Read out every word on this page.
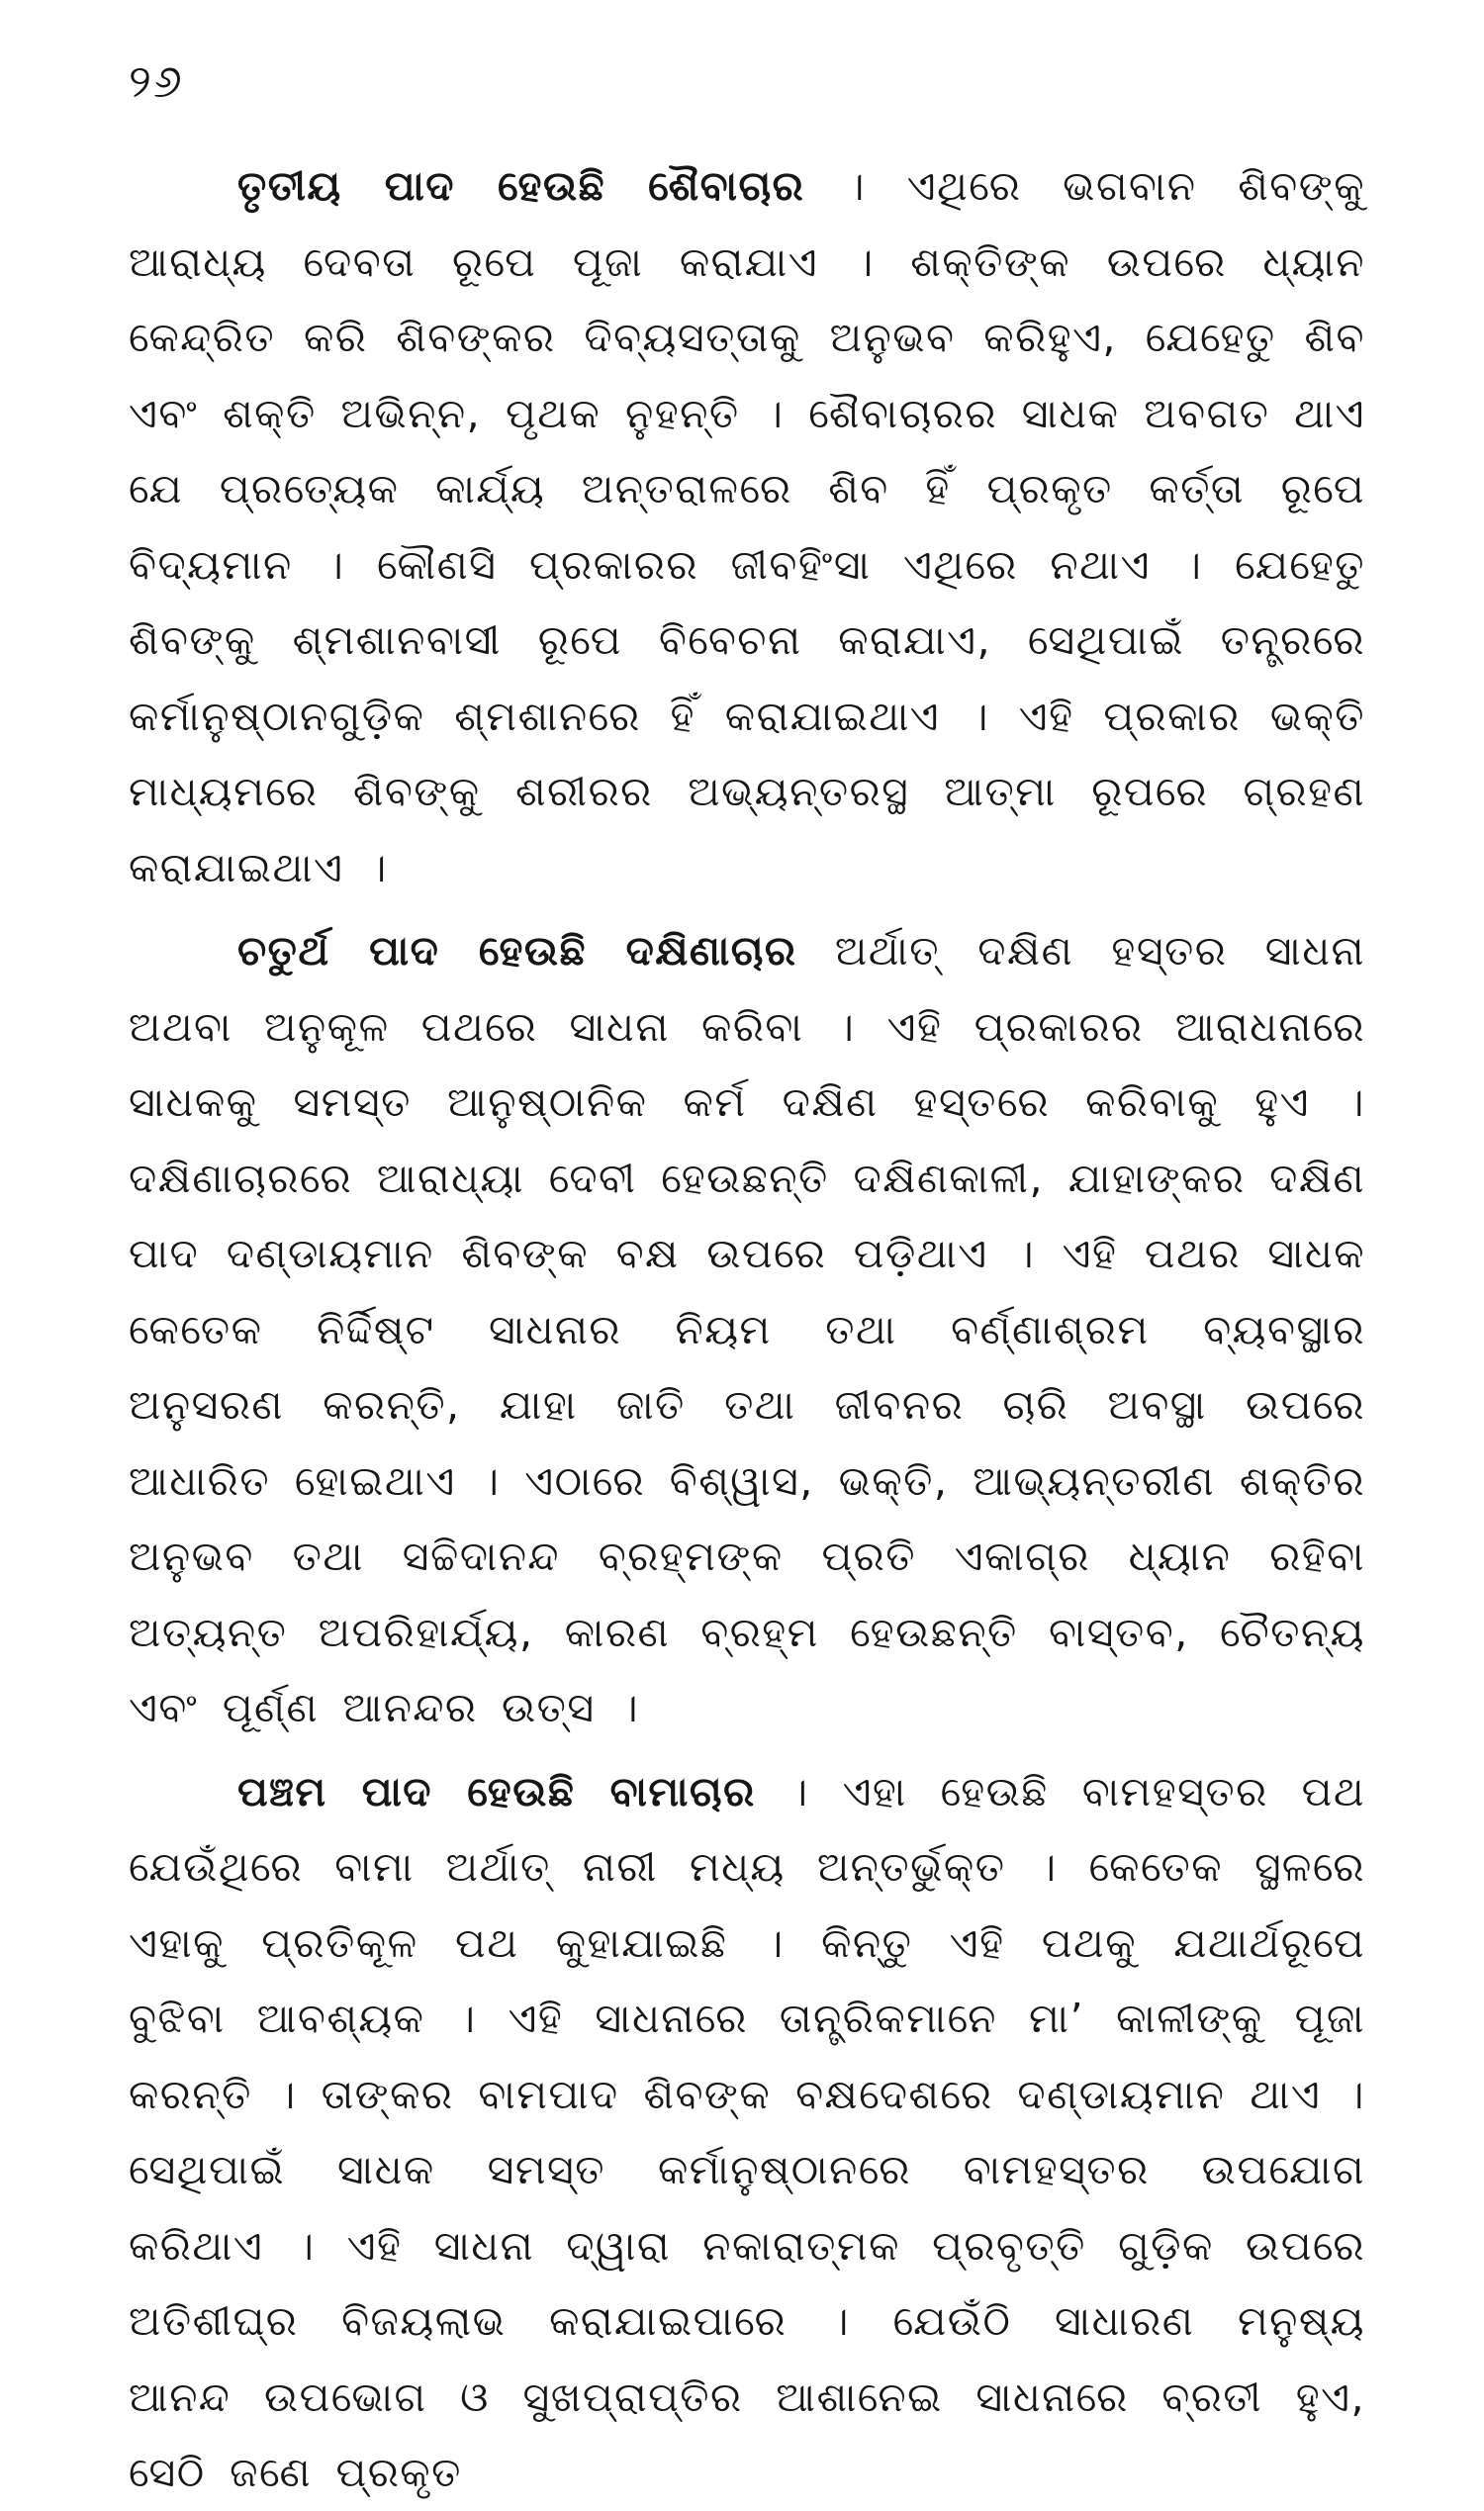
୨୬

ତୃତୀୟ ପାଦ ହେଉଛି ଶୈବାଚାର । ଏଥିରେ ଭଗବାନ ଶିବଙ୍କୁ ଆରାଧ୍ୟ ଦେବତା ରୂପେ ପୂଜା କରାଯାଏ । ଶକ୍ତିଙ୍କ ଉପରେ ଧ୍ୟାନ କେନ୍ଦ୍ରିତ କରି ଶିବଙ୍କର ଦିବ୍ୟସତ୍ତାକୁ ଅନୁଭବ କରିହୁଏ, ଯେହେତୁ ଶିବ ଏବଂ ଶକ୍ତି ଅଭିନ୍ନ, ପୃଥକ ନୁହନ୍ତି । ଶୈବାଚାରର ସାଧକ ଅବଗତ ଥାଏ ଯେ ପ୍ରତ୍ୟେକ କାର୍ଯ୍ୟ ଅନ୍ତରାଳରେ ଶିବ ହିଁ ପ୍ରକୃତ କର୍ତ୍ତା ରୂପେ ବିଦ୍ୟମାନ । କୌଣସି ପ୍ରକାରର ଜୀବହିଂସା ଏଥିରେ ନଥାଏ । ଯେହେତୁ ଶିବଙ୍କୁ ଶ୍ମଶାନବାସୀ ରୂପେ ବିବେଚନା କରାଯାଏ, ସେଥିପାଇଁ ତନ୍ତ୍ରରେ କର୍ମାନୁଷ୍ଠାନଗୁଡ଼ିକ ଶ୍ମଶାନରେ ହିଁ କରାଯାଇଥାଏ । ଏହି ପ୍ରକାର ଭକ୍ତି ମାଧ୍ୟମରେ ଶିବଙ୍କୁ ଶରୀରର ଅଭ୍ୟନ୍ତରସ୍ଥ ଆତ୍ମା ରୂପରେ ଗ୍ରହଣ କରାଯାଇଥାଏ ।

ଚତୁର୍ଥ ପାଦ ହେଉଛି ଦକ୍ଷିଣାଚାର ଅର୍ଥାତ୍ ଦକ୍ଷିଣ ହସ୍ତର ସାଧନା ଅଥବା ଅନୁକୂଳ ପଥରେ ସାଧନା କରିବା । ଏହି ପ୍ରକାରର ଆରାଧନାରେ ସାଧକକୁ ସମସ୍ତ ଆନୁଷ୍ଠାନିକ କର୍ମ ଦକ୍ଷିଣ ହସ୍ତରେ କରିବାକୁ ହୁଏ । ଦକ୍ଷିଣାଚାରରେ ଆରାଧ୍ୟା ଦେବୀ ହେଉଛନ୍ତି ଦକ୍ଷିଣକାଳୀ, ଯାହାଙ୍କର ଦକ୍ଷିଣ ପାଦ ଦଣ୍ଡାୟମାନ ଶିବଙ୍କ ବକ୍ଷ ଉପରେ ପଡ଼ିଥାଏ । ଏହି ପଥର ସାଧକ କେତେକ ନିର୍ଦ୍ଦିଷ୍ଟ ସାଧନାର ନିୟମ ତଥା ବର୍ଣ୍ଣାଶ୍ରମ ବ୍ୟବସ୍ଥାର ଅନୁସରଣ କରନ୍ତି, ଯାହା ଜାତି ତଥା ଜୀବନର ଚାରି ଅବସ୍ଥା ଉପରେ ଆଧାରିତ ହୋଇଥାଏ । ଏଠାରେ ବିଶ୍ୱାସ, ଭକ୍ତି, ଆଭ୍ୟନ୍ତରୀଣ ଶକ୍ତିର ଅନୁଭବ ତଥା ସଚ୍ଚିଦାନନ୍ଦ ବ୍ରହ୍ମଙ୍କ ପ୍ରତି ଏକାଗ୍ର ଧ୍ୟାନ ରହିବା ଅତ୍ୟନ୍ତ ଅପରିହାର୍ଯ୍ୟ, କାରଣ ବ୍ରହ୍ମ ହେଉଛନ୍ତି ବାସ୍ତବ, ଚୈତନ୍ୟ ଏବଂ ପୂର୍ଣ୍ଣ ଆନନ୍ଦର ଉତ୍ସ ।

ପଞ୍ଚମ ପାଦ ହେଉଛି ବାମାଚାର । ଏହା ହେଉଛି ବାମହସ୍ତର ପଥ ଯେଉଁଥିରେ ବାମା ଅର୍ଥାତ୍ ନାରୀ ମଧ୍ୟ ଅନ୍ତର୍ଭୁକ୍ତ । କେତେକ ସ୍ଥଳରେ ଏହାକୁ ପ୍ରତିକୂଳ ପଥ କୁହାଯାଇଛି । କିନ୍ତୁ ଏହି ପଥକୁ ଯଥାର୍ଥରୂପେ ବୁଝିବା ଆବଶ୍ୟକ । ଏହି ସାଧନାରେ ତାନ୍ତ୍ରିକମାନେ ମା’ କାଳୀଙ୍କୁ ପୂଜା କରନ୍ତି । ତାଙ୍କର ବାମପାଦ ଶିବଙ୍କ ବକ୍ଷଦେଶରେ ଦଣ୍ଡାୟମାନ ଥାଏ । ସେଥିପାଇଁ ସାଧକ ସମସ୍ତ କର୍ମାନୁଷ୍ଠାନରେ ବାମହସ୍ତର ଉପଯୋଗ କରିଥାଏ । ଏହି ସାଧନା ଦ୍ୱାରା ନକାରାତ୍ମକ ପ୍ରବୃତ୍ତି ଗୁଡ଼ିକ ଉପରେ ଅତିଶୀଘ୍ର ବିଜୟଲାଭ କରାଯାଇପାରେ । ଯେଉଁଠି ସାଧାରଣ ମନୁଷ୍ୟ ଆନନ୍ଦ ଉପଭୋଗ ଓ ସୁଖପ୍ରାପ୍ତିର ଆଶାନେଇ ସାଧନାରେ ବ୍ରତୀ ହୁଏ, ସେଠି ଜଣେ ପ୍ରକୃତ
